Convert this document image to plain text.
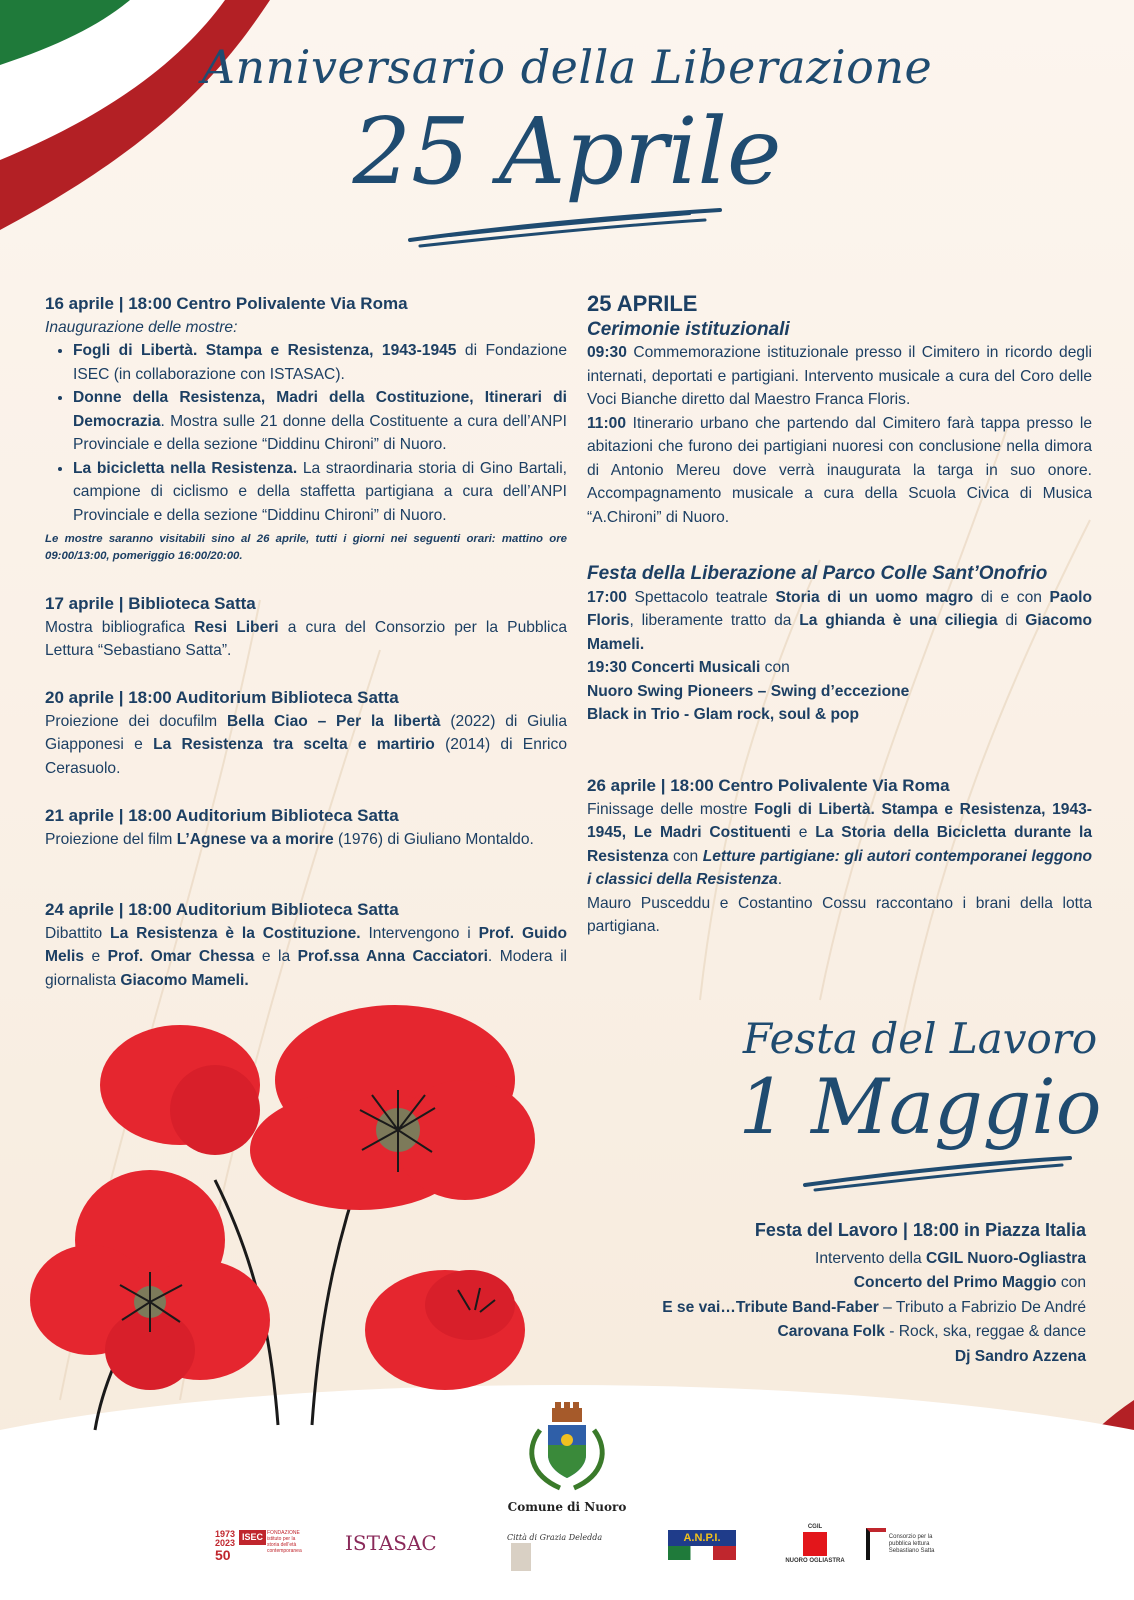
Anniversario della Liberazione
25 Aprile

16 aprile | 18:00 Centro Polivalente Via Roma

Inaugurazione delle mostre:

• Fogli di Libertà. Stampa e Resistenza, 1943-1945 di Fondazione ISEC (in collaborazione con ISTASAC).
• Donne della Resistenza, Madri della Costituzione, Itinerari di Democrazia. Mostra sulle 21 donne della Costituente a cura dell’ANPI Provinciale e della sezione “Diddinu Chironi” di Nuoro.
• La bicicletta nella Resistenza. La straordinaria storia di Gino Bartali, campione di ciclismo e della staffetta partigiana a cura dell’ANPI Provinciale e della sezione “Diddinu Chironi” di Nuoro.

Le mostre saranno visitabili sino al 26 aprile, tutti i giorni nei seguenti orari: mattino ore 09:00/13:00, pomeriggio 16:00/20:00.

17 aprile | Biblioteca Satta

Mostra bibliografica Resi Liberi a cura del Consorzio per la Pubblica Lettura “Sebastiano Satta”.

20 aprile | 18:00 Auditorium Biblioteca Satta

Proiezione dei docufilm Bella Ciao – Per la libertà (2022) di Giulia Giapponesi e La Resistenza tra scelta e martirio (2014) di Enrico Cerasuolo.

21 aprile | 18:00 Auditorium Biblioteca Satta

Proiezione del film L’Agnese va a morire (1976) di Giuliano Montaldo.

24 aprile | 18:00 Auditorium Biblioteca Satta

Dibattito La Resistenza è la Costituzione. Intervengono i Prof. Guido Melis e Prof. Omar Chessa e la Prof.ssa Anna Cacciatori. Modera il giornalista Giacomo Mameli.

25 APRILE

Cerimonie istituzionali

09:30 Commemorazione istituzionale presso il Cimitero in ricordo degli internati, deportati e partigiani. Intervento musicale a cura del Coro delle Voci Bianche diretto dal Maestro Franca Floris.

11:00 Itinerario urbano che partendo dal Cimitero farà tappa presso le abitazioni che furono dei partigiani nuoresi con conclusione nella dimora di Antonio Mereu dove verrà inaugurata la targa in suo onore. Accompagnamento musicale a cura della Scuola Civica di Musica “A.Chironi” di Nuoro.

Festa della Liberazione al Parco Colle Sant’Onofrio

17:00 Spettacolo teatrale Storia di un uomo magro di e con Paolo Floris, liberamente tratto da La ghianda è una ciliegia di Giacomo Mameli.

19:30 Concerti Musicali con

Nuoro Swing Pioneers – Swing d’eccezione

Black in Trio - Glam rock, soul & pop

26 aprile | 18:00 Centro Polivalente Via Roma

Finissage delle mostre Fogli di Libertà. Stampa e Resistenza, 1943-1945, Le Madri Costituenti e La Storia della Bicicletta durante la Resistenza con Letture partigiane: gli autori contemporanei leggono i classici della Resistenza.

Mauro Pusceddu e Costantino Cossu raccontano i brani della lotta partigiana.

Festa del Lavoro
1 Maggio

Festa del Lavoro | 18:00 in Piazza Italia

Intervento della CGIL Nuoro-Ogliastra

Concerto del Primo Maggio con

E se vai…Tribute Band-Faber – Tributo a Fabrizio De André

Carovana Folk - Rock, ska, reggae & dance

Dj Sandro Azzena

Comune di Nuoro
1973
2023
50
ISEC FONDAZIONE istituto per la storia dell'età contemporanea ISTASAC	Città di Grazia Deledda	A.N.P.I.
CGIL
NUORO OGLIASTRA
Consorzio per la pubblica lettura Sebastiano Satta
